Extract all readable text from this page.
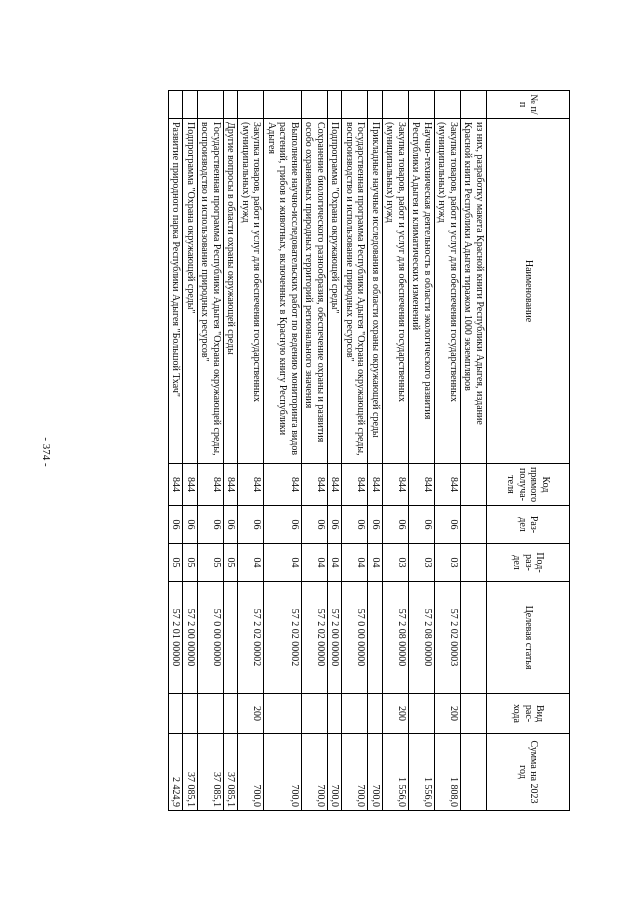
- 374 -
№ п/п	Наименование	Код прямого получа-теля	Раз-дел	Под-раз-дел	Целевая статья	Вид рас-хода	Сумма на 2023 год
	из них, разработку макета Красной книги Республики Адыгея, издание Красной книги Республики Адыгея тиражом 1000 экземпляров						
	Закупка товаров, работ и услуг для обеспечения государственных (муниципальных) нужд	844	06	03	57 2 02 00003	200	1 808,0
	Научно-техническая деятельность в области экологического развития Республики Адыгея и климатических изменений	844	06	03	57 2 08 00000		1 556,0
	Закупка товаров, работ и услуг для обеспечения государственных (муниципальных) нужд	844	06	03	57 2 08 00000	200	1 556,0
	Прикладные научные исследования в области охраны окружающей среды	844	06	04			700,0
	Государственная программа Республики Адыгея "Охрана окружающей среды, воспроизводство и использование природных ресурсов"	844	06	04	57 0 00 00000		700,0
	Подпрограмма "Охрана окружающей среды"	844	06	04	57 2 00 00000		700,0
	Сохранение биологического разнообразия, обеспечение охраны и развития особо охраняемых природных территорий регионального значения	844	06	04	57 2 02 00000		700,0
	Выполнение научно-исследовательских работ по ведению мониторинга видов растений, грибов и животных, включенных в Красную книгу Республики Адыгея	844	06	04	57 2 02 00002		700,0
	Закупка товаров, работ и услуг для обеспечения государственных (муниципальных) нужд	844	06	04	57 2 02 00002	200	700,0
	Другие вопросы в области охраны окружающей среды	844	06	05			37 085,1
	Государственная программа Республики Адыгея "Охрана окружающей среды, воспроизводство и использование природных ресурсов"	844	06	05	57 0 00 00000		37 085,1
	Подпрограмма "Охрана окружающей среды"	844	06	05	57 2 00 00000		37 085,1
	Развитие природного парка Республики Адыгея "Большой Тхач"	844	06	05	57 2 01 00000		2 424,9
